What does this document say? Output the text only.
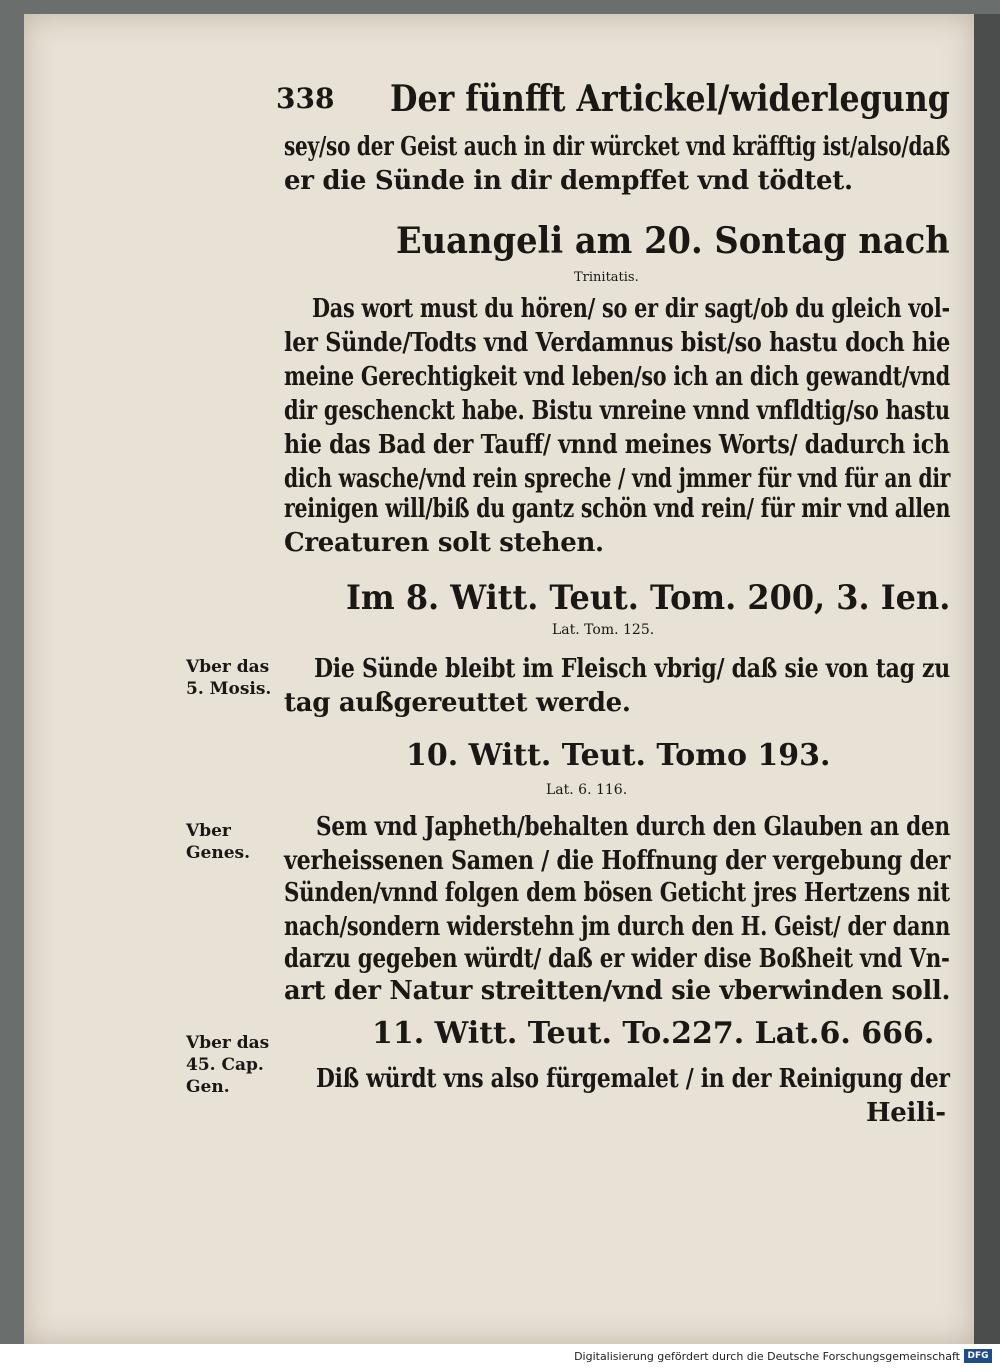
338 Der fünfft Artickel/widerlegung
sey/so der Geist auch in dir würcket vnd kräfftig ist/also/daß
er die Sünde in dir dempffet vnd tödtet.
Euangeli am 20. Sontag nach
Trinitatis.
Das wort must du hören/ so er dir sagt/ob du gleich vol-
ler Sünde/Todts vnd Verdamnus bist/so hastu doch hie
meine Gerechtigkeit vnd leben/so ich an dich gewandt/vnd
dir geschenckt habe. Bistu vnreine vnnd vnfldtig/so hastu
hie das Bad der Tauff/ vnnd meines Worts/ dadurch ich
dich wasche/vnd rein spreche / vnd jmmer für vnd für an dir
reinigen will/biß du gantz schön vnd rein/ für mir vnd allen
Creaturen solt stehen.
Im 8. Witt. Teut. Tom. 200, 3. Ien.
Lat. Tom. 125.
Vber das
5. Mosis.
Die Sünde bleibt im Fleisch vbrig/ daß sie von tag zu
tag außgereuttet werde.
10. Witt. Teut. Tomo 193.
Lat. 6. 116.
Vber
Genes.
Sem vnd Japheth/behalten durch den Glauben an den
verheissenen Samen / die Hoffnung der vergebung der
Sünden/vnnd folgen dem bösen Geticht jres Hertzens nit
nach/sondern widerstehn jm durch den H. Geist/ der dann
darzu gegeben würdt/ daß er wider dise Boßheit vnd Vn-
art der Natur streitten/vnd sie vberwinden soll.
Vber das
45. Cap.
Gen.
11. Witt. Teut. To.227. Lat.6. 666.
Diß würdt vns also fürgemalet / in der Reinigung der
Heili-
Digitalisierung gefördert durch die Deutsche Forschungsgemeinschaft DFG
